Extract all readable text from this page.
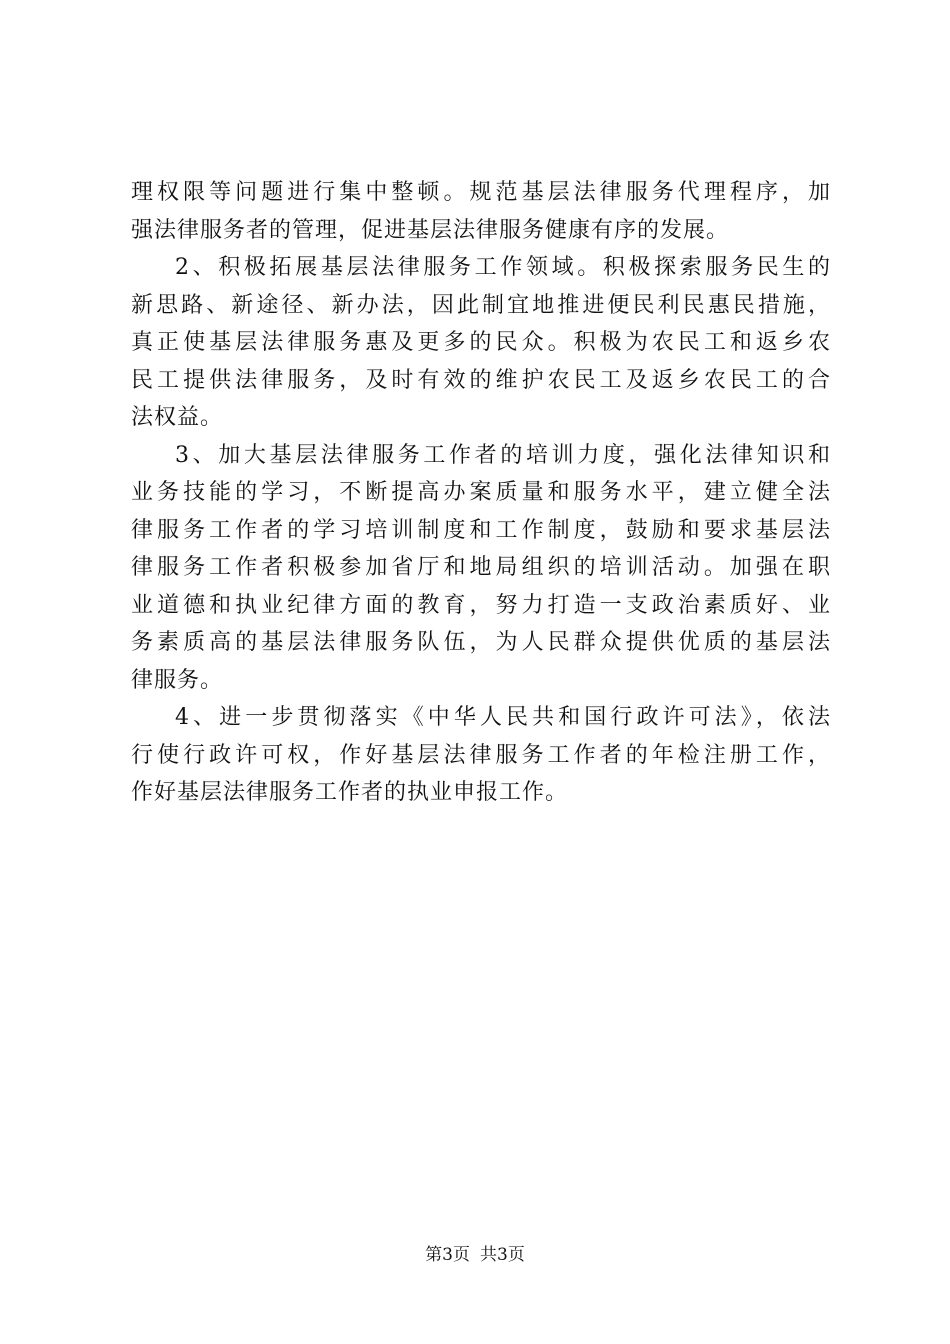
理权限等问题进行集中整顿。规范基层法律服务代理程序，加
强法律服务者的管理，促进基层法律服务健康有序的发展。
2、积极拓展基层法律服务工作领域。积极探索服务民生的
新思路、新途径、新办法，因此制宜地推进便民利民惠民措施，
真正使基层法律服务惠及更多的民众。积极为农民工和返乡农
民工提供法律服务，及时有效的维护农民工及返乡农民工的合
法权益。
3、加大基层法律服务工作者的培训力度，强化法律知识和
业务技能的学习，不断提高办案质量和服务水平，建立健全法
律服务工作者的学习培训制度和工作制度，鼓励和要求基层法
律服务工作者积极参加省厅和地局组织的培训活动。加强在职
业道德和执业纪律方面的教育，努力打造一支政治素质好、业
务素质高的基层法律服务队伍，为人民群众提供优质的基层法
律服务。
4、进一步贯彻落实《中华人民共和国行政许可法》，依法
行使行政许可权，作好基层法律服务工作者的年检注册工作，
作好基层法律服务工作者的执业申报工作。
第3页 共3页
